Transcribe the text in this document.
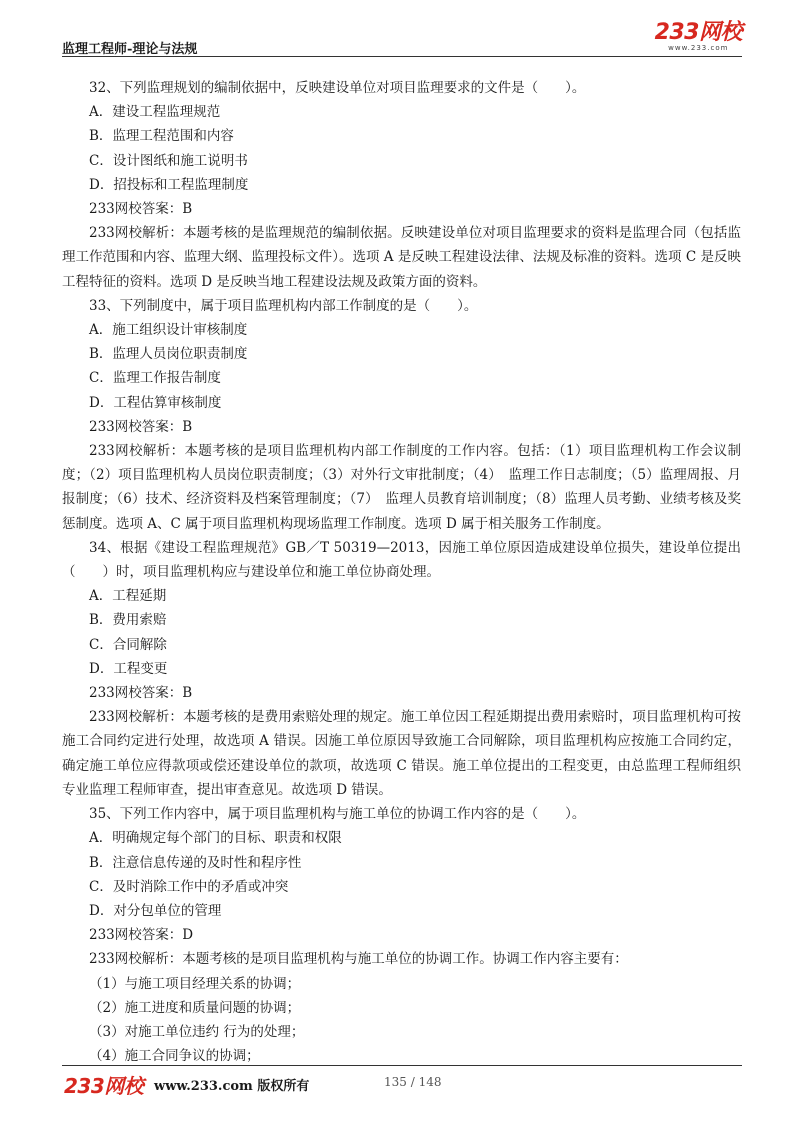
监理工程师-理论与法规
233网校
www.233.com
32、下列监理规划的编制依据中，反映建设单位对项目监理要求的文件是（　　）。
A．建设工程监理规范
B．监理工程范围和内容
C．设计图纸和施工说明书
D．招投标和工程监理制度
233网校答案：B
233网校解析：本题考核的是监理规范的编制依据。反映建设单位对项目监理要求的资料是监理合同（包括监理工作范围和内容、监理大纲、监理投标文件）。选项 A 是反映工程建设法律、法规及标准的资料。选项 C 是反映工程特征的资料。选项 D 是反映当地工程建设法规及政策方面的资料。
33、下列制度中，属于项目监理机构内部工作制度的是（　　）。
A．施工组织设计审核制度
B．监理人员岗位职责制度
C．监理工作报告制度
D．工程估算审核制度
233网校答案：B
233网校解析：本题考核的是项目监理机构内部工作制度的工作内容。包括：（1）项目监理机构工作会议制度；（2）项目监理机构人员岗位职责制度；（3）对外行文审批制度；（4）　监理工作日志制度；（5）监理周报、月报制度；（6）技术、经济资料及档案管理制度；（7）　监理人员教育培训制度；（8）监理人员考勤、业绩考核及奖惩制度。选项 A、C 属于项目监理机构现场监理工作制度。选项 D 属于相关服务工作制度。
34、根据《建设工程监理规范》GB／T 50319—2013，因施工单位原因造成建设单位损失，建设单位提出（　　）时，项目监理机构应与建设单位和施工单位协商处理。
A．工程延期
B．费用索赔
C．合同解除
D．工程变更
233网校答案：B
233网校解析：本题考核的是费用索赔处理的规定。施工单位因工程延期提出费用索赔时，项目监理机构可按施工合同约定进行处理，故选项 A 错误。因施工单位原因导致施工合同解除，项目监理机构应按施工合同约定，确定施工单位应得款项或偿还建设单位的款项，故选项 C 错误。施工单位提出的工程变更，由总监理工程师组织专业监理工程师审查，提出审查意见。故选项 D 错误。
35、下列工作内容中，属于项目监理机构与施工单位的协调工作内容的是（　　）。
A．明确规定每个部门的目标、职责和权限
B．注意信息传递的及时性和程序性
C．及时消除工作中的矛盾或冲突
D．对分包单位的管理
233网校答案：D
233网校解析：本题考核的是项目监理机构与施工单位的协调工作。协调工作内容主要有：
（1）与施工项目经理关系的协调；
（2）施工进度和质量问题的协调；
（3）对施工单位违约 行为的处理；
（4）施工合同争议的协调；
233网校 www.233.com 版权所有	135 / 148
